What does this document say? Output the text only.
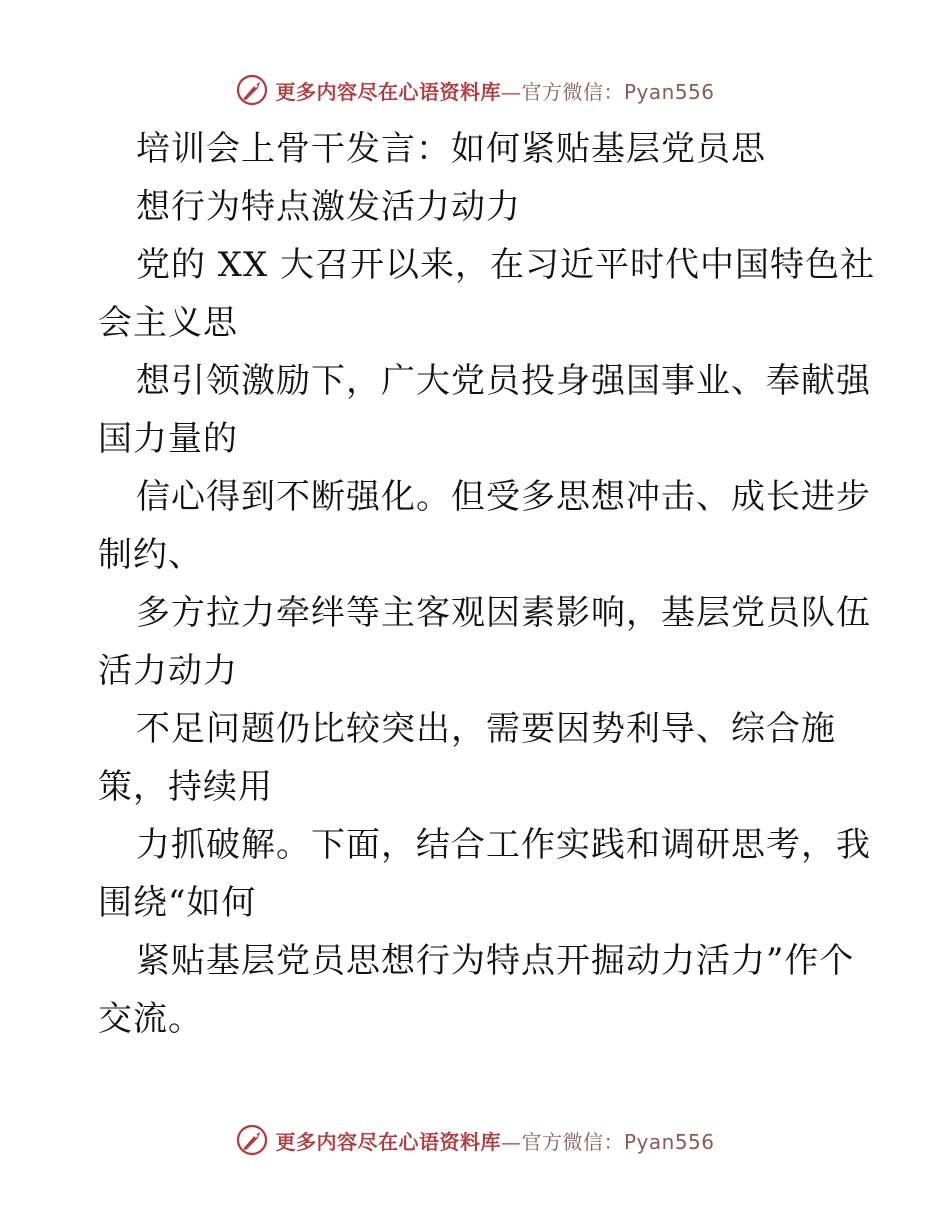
更多内容尽在心语资料库—官方微信：Pyan556
培训会上骨干发言：如何紧贴基层党员思
想行为特点激发活力动力
党的 XX 大召开以来，在习近平时代中国特色社
会主义思
想引领激励下，广大党员投身强国事业、奉献强
国力量的
信心得到不断强化。但受多思想冲击、成长进步
制约、
多方拉力牵绊等主客观因素影响，基层党员队伍
活力动力
不足问题仍比较突出，需要因势利导、综合施
策，持续用
力抓破解。下面，结合工作实践和调研思考，我
围绕“如何
紧贴基层党员思想行为特点开掘动力活力”作个
交流。
更多内容尽在心语资料库—官方微信：Pyan556
